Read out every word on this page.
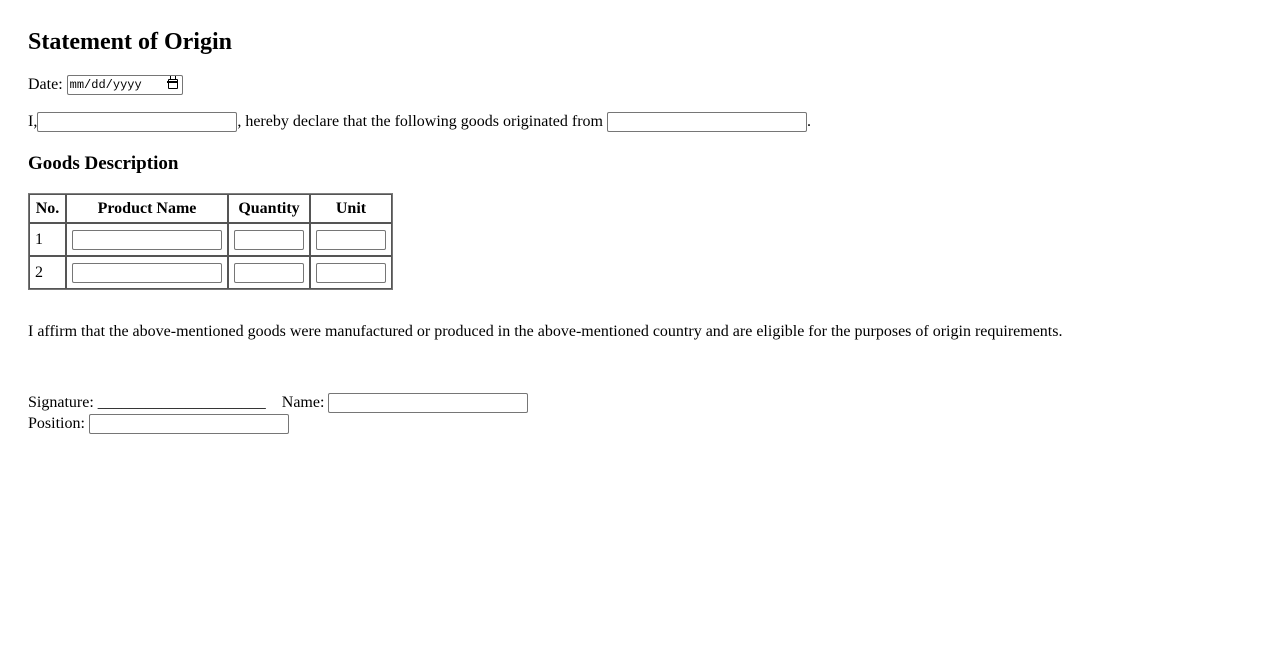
Statement of Origin
Date: mm/dd/yyyy
I,	, hereby declare that the following goods originated from	.
Goods Description
No.	Product Name	Quantity	Unit
1			
2			

I affirm that the above-mentioned goods were manufactured or produced in the above-mentioned country and are eligible for the purposes of origin requirements.

Signature: _____________________ Name:
Position:
